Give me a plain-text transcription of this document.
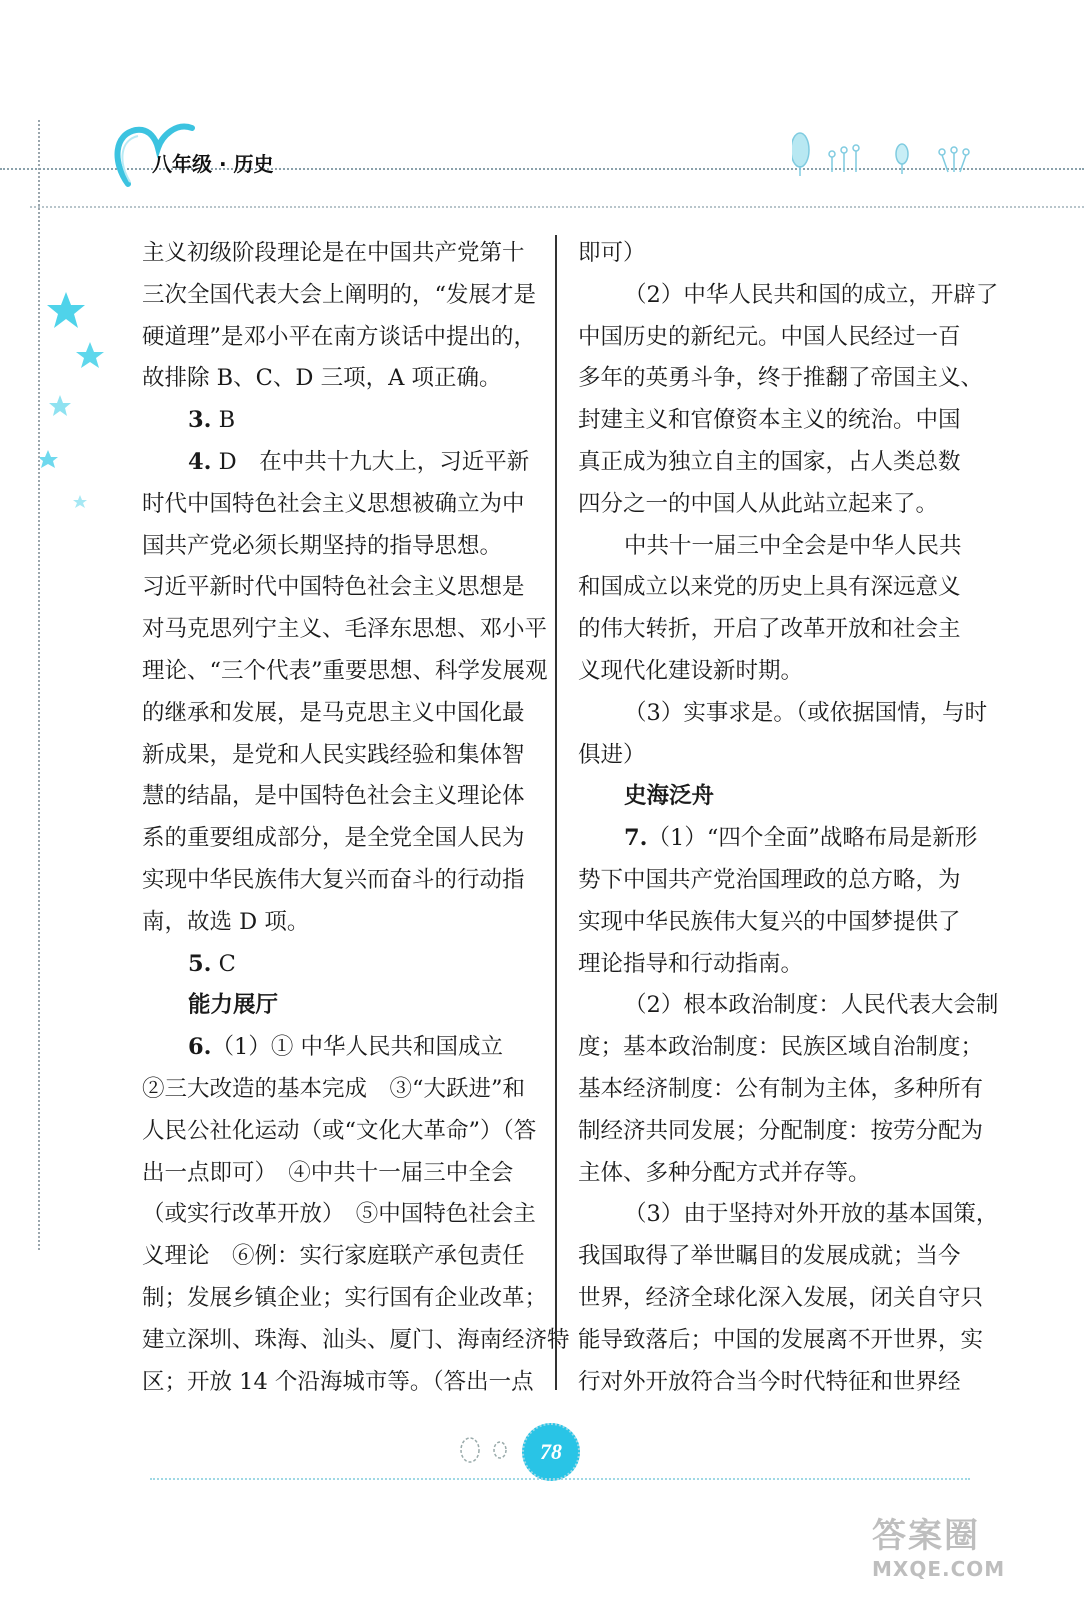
八年级 · 历史
主义初级阶段理论是在中国共产党第十
三次全国代表大会上阐明的，“发展才是
硬道理”是邓小平在南方谈话中提出的，
故排除 B、C、D 三项，A 项正确。
3. B
4. D　在中共十九大上，习近平新
时代中国特色社会主义思想被确立为中
国共产党必须长期坚持的指导思想。
习近平新时代中国特色社会主义思想是
对马克思列宁主义、毛泽东思想、邓小平
理论、“三个代表”重要思想、科学发展观
的继承和发展，是马克思主义中国化最
新成果，是党和人民实践经验和集体智
慧的结晶，是中国特色社会主义理论体
系的重要组成部分，是全党全国人民为
实现中华民族伟大复兴而奋斗的行动指
南，故选 D 项。
5. C
能力展厅
6.（1）① 中华人民共和国成立
②三大改造的基本完成　③“大跃进”和
人民公社化运动（或“文化大革命”）（答
出一点即可）　④中共十一届三中全会
（或实行改革开放）　⑤中国特色社会主
义理论　⑥例：实行家庭联产承包责任
制；发展乡镇企业；实行国有企业改革；
建立深圳、珠海、汕头、厦门、海南经济特
区；开放 14 个沿海城市等。（答出一点
即可）
（2）中华人民共和国的成立，开辟了
中国历史的新纪元。中国人民经过一百
多年的英勇斗争，终于推翻了帝国主义、
封建主义和官僚资本主义的统治。中国
真正成为独立自主的国家，占人类总数
四分之一的中国人从此站立起来了。
中共十一届三中全会是中华人民共
和国成立以来党的历史上具有深远意义
的伟大转折，开启了改革开放和社会主
义现代化建设新时期。
（3）实事求是。（或依据国情，与时
俱进）
史海泛舟
7.（1）“四个全面”战略布局是新形
势下中国共产党治国理政的总方略，为
实现中华民族伟大复兴的中国梦提供了
理论指导和行动指南。
（2）根本政治制度：人民代表大会制
度；基本政治制度：民族区域自治制度；
基本经济制度：公有制为主体，多种所有
制经济共同发展；分配制度：按劳分配为
主体、多种分配方式并存等。
（3）由于坚持对外开放的基本国策，
我国取得了举世瞩目的发展成就；当今
世界，经济全球化深入发展，闭关自守只
能导致落后；中国的发展离不开世界，实
行对外开放符合当今时代特征和世界经
78
答案圈
MXQE.COM
